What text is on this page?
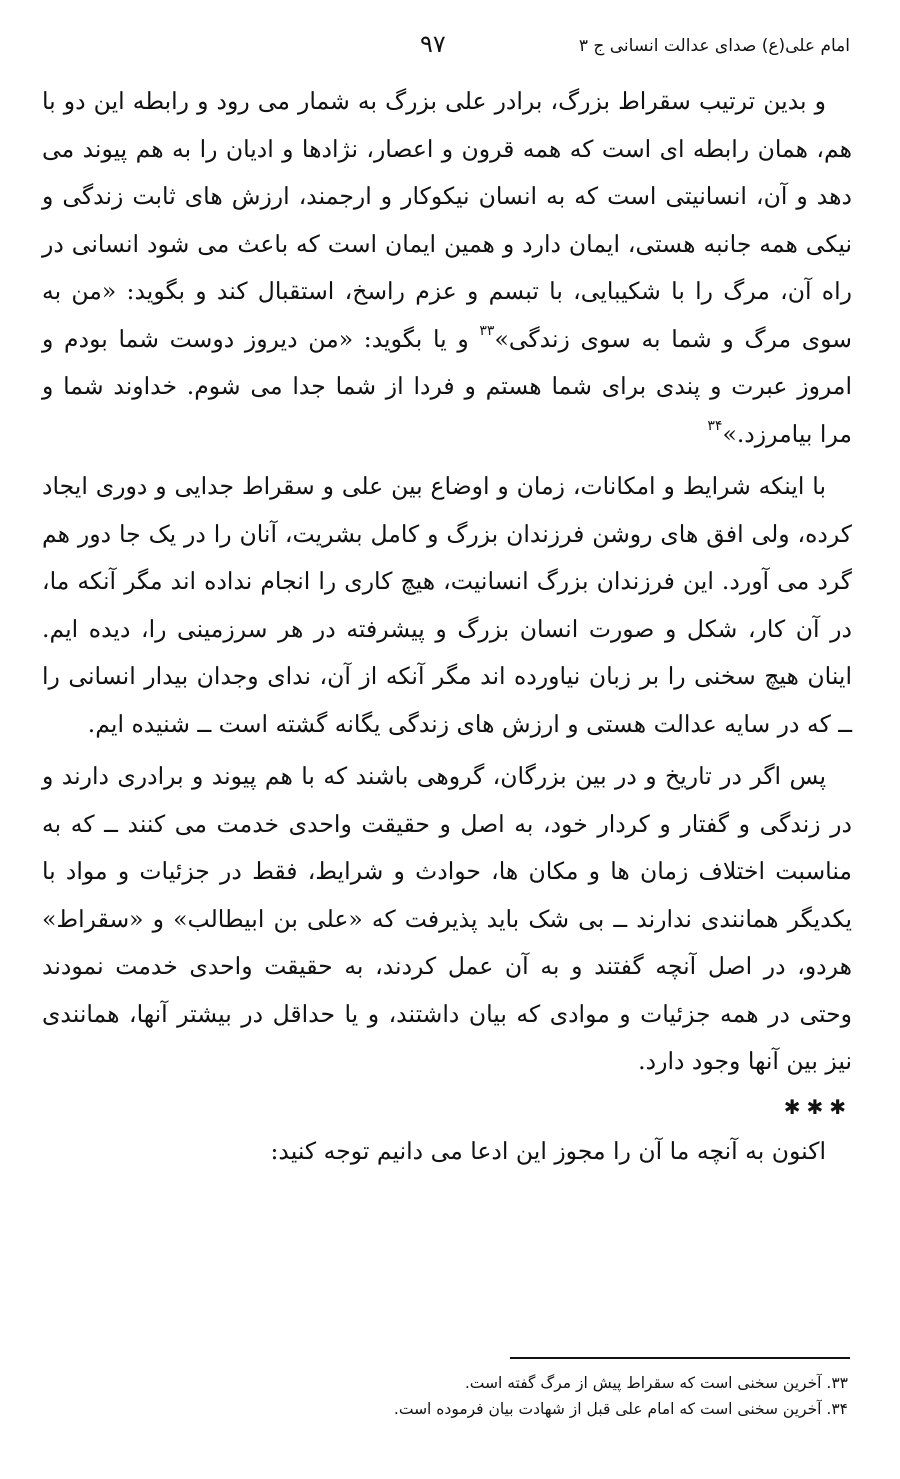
امام علی(ع) صدای عدالت انسانی ج ۳
۹۷

و بدین ترتیب سقراط بزرگ، برادر علی بزرگ به شمار می رود و رابطه این دو با هم، همان رابطه ای است که همه قرون و اعصار، نژادها و ادیان را به هم پیوند می دهد و آن، انسانیتی است که به انسان نیکوکار و ارجمند، ارزش های ثابت زندگی و نیکی همه جانبه هستی، ایمان دارد و همین ایمان است که باعث می شود انسانی در راه آن، مرگ را با شکیبایی، با تبسم و عزم راسخ، استقبال کند و بگوید: «من به سوی مرگ و شما به سوی زندگی»$^{۳۳}$ و یا بگوید: «من دیروز دوست شما بودم و امروز عبرت و پندی برای شما هستم و فردا از شما جدا می شوم. خداوند شما و مرا بیامرزد.»$^{۳۴}$

با اینکه شرایط و امکانات، زمان و اوضاع بین علی و سقراط جدایی و دوری ایجاد کرده، ولی افق های روشن فرزندان بزرگ و کامل بشریت، آنان را در یک جا دور هم گرد می آورد. این فرزندان بزرگ انسانیت، هیچ کاری را انجام نداده اند مگر آنکه ما، در آن کار، شکل و صورت انسان بزرگ و پیشرفته در هر سرزمینی را، دیده ایم. اینان هیچ سخنی را بر زبان نیاورده اند مگر آنکه از آن، ندای وجدان بیدار انسانی را ــ که در سایه عدالت هستی و ارزش های زندگی یگانه گشته است ــ شنیده ایم.

پس اگر در تاریخ و در بین بزرگان، گروهی باشند که با هم پیوند و برادری دارند و در زندگی و گفتار و کردار خود، به اصل و حقیقت واحدی خدمت می کنند ــ که به مناسبت اختلاف زمان ها و مکان ها، حوادث و شرایط، فقط در جزئیات و مواد با یکدیگر همانندی ندارند ــ بی شک باید پذیرفت که «علی بن ابیطالب» و «سقراط» هردو، در اصل آنچه گفتند و به آن عمل کردند، به حقیقت واحدی خدمت نمودند وحتی در همه جزئیات و موادی که بیان داشتند، و یا حداقل در بیشتر آنها، همانندی نیز بین آنها وجود دارد.

✱✱✱

اکنون به آنچه ما آن را مجوز این ادعا می دانیم توجه کنید:

۳۳. آخرین سخنی است که سقراط پیش از مرگ گفته است.

۳۴. آخرین سخنی است که امام علی قبل از شهادت بیان فرموده است.
